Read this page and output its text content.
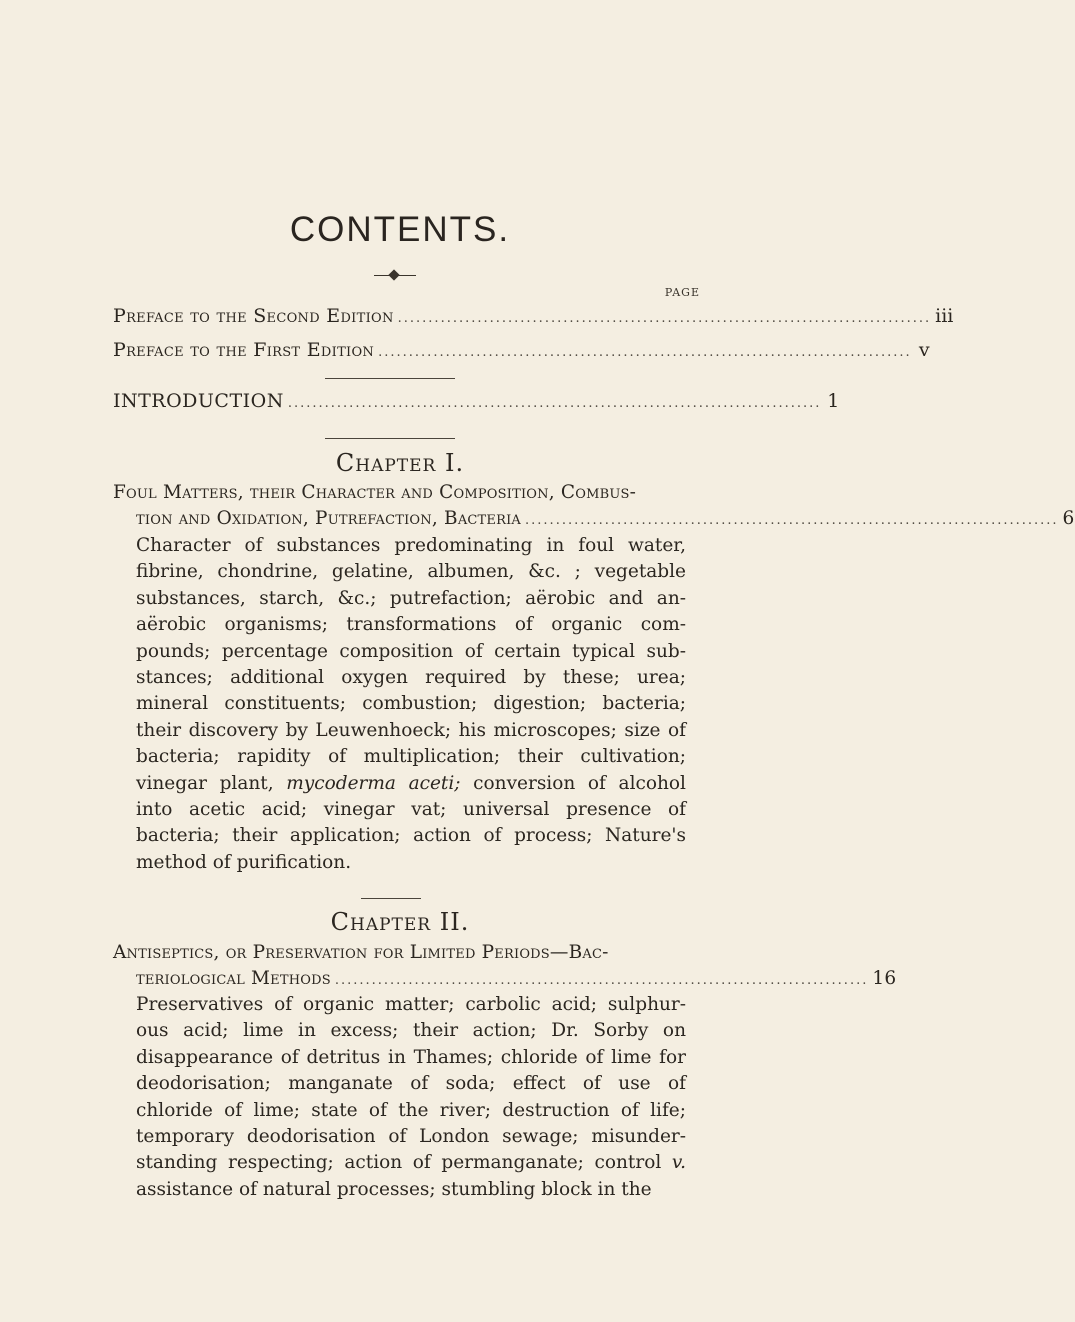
CONTENTS.
PAGE
Preface to the Second Edition ....................................................................................... iii
Preface to the First Edition ....................................................................................... v
INTRODUCTION ....................................................................................... 1
Chapter I.
Foul Matters, their Character and Composition, Combus-
tion and Oxidation, Putrefaction, Bacteria ....................................................................................... 6
Character of substances predominating in foul water, fibrine, chondrine, gelatine, albumen, &c. ; vegetable substances, starch, &c.; putrefaction; aërobic and an-aërobic organisms; transformations of organic com-pounds; percentage composition of certain typical sub-stances; additional oxygen required by these; urea; mineral constituents; combustion; digestion; bacteria; their discovery by Leuwenhoeck; his microscopes; size of bacteria; rapidity of multiplication; their cultivation; vinegar plant, mycoderma aceti; conversion of alcohol into acetic acid; vinegar vat; universal presence of bacteria; their application; action of process; Nature's method of purification.
Chapter II.
Antiseptics, or Preservation for Limited Periods—Bac-
teriological Methods ....................................................................................... 16
Preservatives of organic matter; carbolic acid; sulphur-ous acid; lime in excess; their action; Dr. Sorby on disappearance of detritus in Thames; chloride of lime for deodorisation; manganate of soda; effect of use of chloride of lime; state of the river; destruction of life; temporary deodorisation of London sewage; misunder-standing respecting; action of permanganate; control v. assistance of natural processes; stumbling block in the
